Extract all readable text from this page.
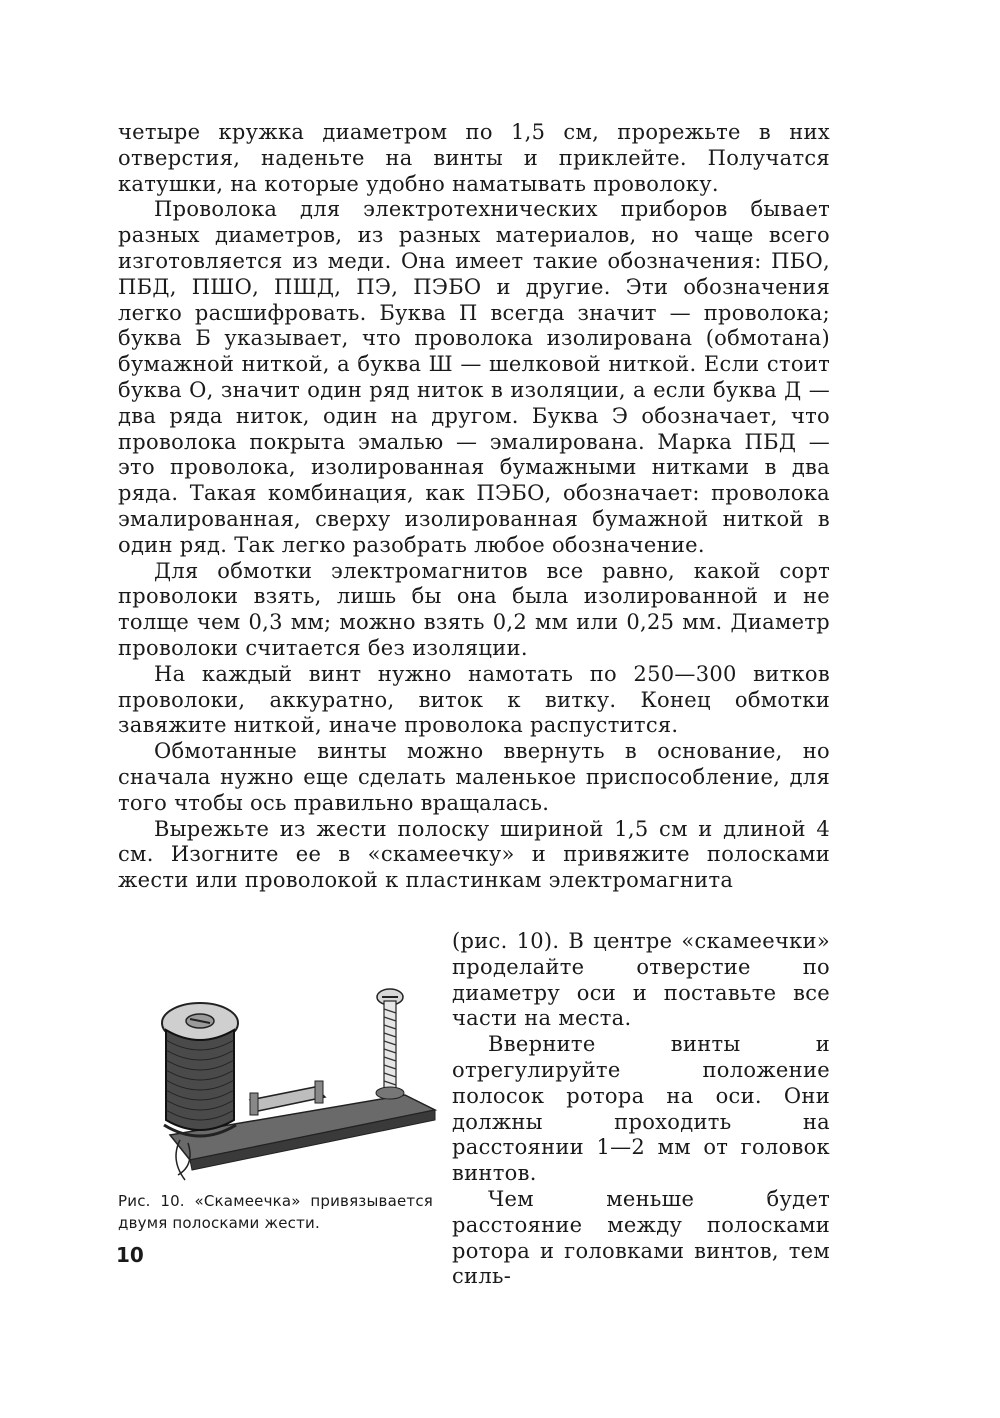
четыре кружка диаметром по 1,5 см, прорежьте в них отверстия, наденьте на винты и приклейте. Получатся катушки, на которые удобно наматывать проволоку.

Проволока для электротехнических приборов бывает разных диаметров, из разных материалов, но чаще всего изготовляется из меди. Она имеет такие обозначения: ПБО, ПБД, ПШО, ПШД, ПЭ, ПЭБО и другие. Эти обозначения легко расшифровать. Буква П всегда значит — проволока; буква Б указывает, что проволока изолирована (обмотана) бумажной ниткой, а буква Ш — шелковой ниткой. Если стоит буква О, значит один ряд ниток в изоляции, а если буква Д — два ряда ниток, один на другом. Буква Э обозначает, что проволока покрыта эмалью — эмалирована. Марка ПБД — это проволока, изолированная бумажными нитками в два ряда. Такая комбинация, как ПЭБО, обозначает: проволока эмалированная, сверху изолированная бумажной ниткой в один ряд. Так легко разобрать любое обозначение.

Для обмотки электромагнитов все равно, какой сорт проволоки взять, лишь бы она была изолированной и не толще чем 0,3 мм; можно взять 0,2 мм или 0,25 мм. Диаметр проволоки считается без изоляции.

На каждый винт нужно намотать по 250—300 витков проволоки, аккуратно, виток к витку. Конец обмотки завяжите ниткой, иначе проволока распустится.

Обмотанные винты можно ввернуть в основание, но сначала нужно еще сделать маленькое приспособление, для того чтобы ось правильно вращалась.

Вырежьте из жести полоску шириной 1,5 см и длиной 4 см. Изогните ее в «скамеечку» и привяжите полосками жести или проволокой к пластинкам электромагнита

(рис. 10). В центре «скамеечки» проделайте отверстие по диаметру оси и поставьте все части на места.

Вверните винты и отрегулируйте положение полосок ротора на оси. Они должны проходить на расстоянии 1—2 мм от головок винтов.

Чем меньше будет расстояние между полосками ротора и головками винтов, тем силь-

Рис. 10. «Скамеечка» привязывается двумя полосками жести.
10
